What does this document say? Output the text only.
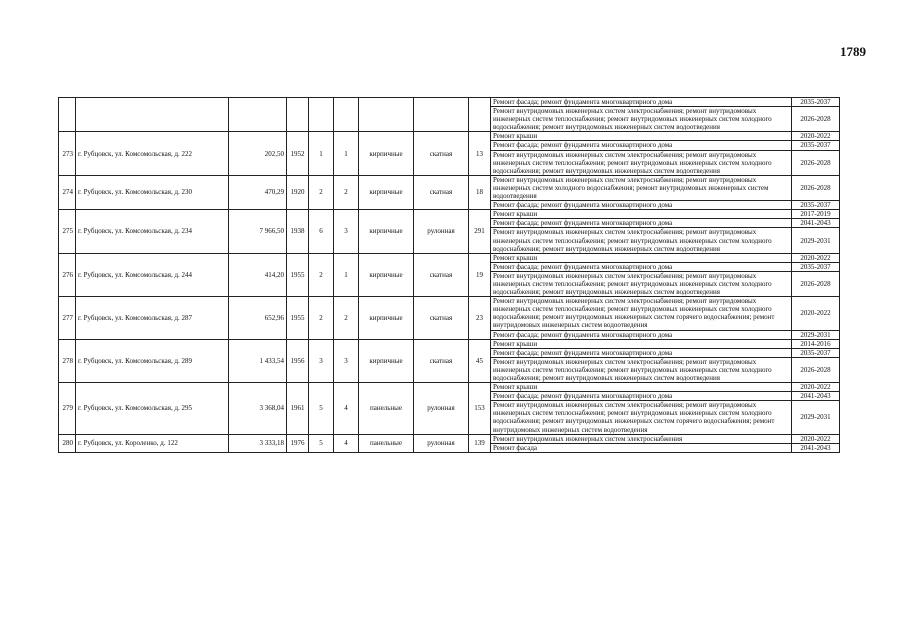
1789
									Ремонт фасада; ремонт фундамента многоквартирного дома	2035-2037
									Ремонт внутридомовых инженерных систем электроснабжения; ремонт внутридомовых инженерных систем теплоснабжения; ремонт внутридомовых инженерных систем холодного водоснабжения; ремонт внутридомовых инженерных систем водоотведения	2026-2028
273	г. Рубцовск, ул. Комсомольская, д. 222	202,50	1952	1	1	кирпичные	скатная	13	Ремонт крыши	2020-2022
									Ремонт фасада; ремонт фундамента многоквартирного дома	2035-2037
									Ремонт внутридомовых инженерных систем электроснабжения; ремонт внутридомовых инженерных систем теплоснабжения; ремонт внутридомовых инженерных систем холодного водоснабжения; ремонт внутридомовых инженерных систем водоотведения	2026-2028
274	г. Рубцовск, ул. Комсомольская, д. 230	470,29	1920	2	2	кирпичные	скатная	18	Ремонт внутридомовых инженерных систем электроснабжения; ремонт внутридомовых инженерных систем холодного водоснабжения; ремонт внутридомовых инженерных систем водоотведения	2026-2028
									Ремонт фасада; ремонт фундамента многоквартирного дома	2035-2037
275	г. Рубцовск, ул. Комсомольская, д. 234	7 966,50	1938	6	3	кирпичные	рулонная	291	Ремонт крыши	2017-2019
									Ремонт фасада; ремонт фундамента многоквартирного дома	2041-2043
									Ремонт внутридомовых инженерных систем электроснабжения; ремонт внутридомовых инженерных систем теплоснабжения; ремонт внутридомовых инженерных систем холодного водоснабжения; ремонт внутридомовых инженерных систем водоотведения	2029-2031
276	г. Рубцовск, ул. Комсомольская, д. 244	414,20	1955	2	1	кирпичные	скатная	19	Ремонт крыши	2020-2022
									Ремонт фасада; ремонт фундамента многоквартирного дома	2035-2037
									Ремонт внутридомовых инженерных систем электроснабжения; ремонт внутридомовых инженерных систем теплоснабжения; ремонт внутридомовых инженерных систем холодного водоснабжения; ремонт внутридомовых инженерных систем водоотведения	2026-2028
277	г. Рубцовск, ул. Комсомольская, д. 287	652,96	1955	2	2	кирпичные	скатная	23	Ремонт внутридомовых инженерных систем электроснабжения; ремонт внутридомовых инженерных систем теплоснабжения; ремонт внутридомовых инженерных систем холодного водоснабжения; ремонт внутридомовых инженерных систем горячего водоснабжения; ремонт внутридомовых инженерных систем водоотведения	2020-2022
									Ремонт фасада; ремонт фундамента многоквартирного дома	2029-2031
278	г. Рубцовск, ул. Комсомольская, д. 289	1 433,54	1956	3	3	кирпичные	скатная	45	Ремонт крыши	2014-2016
									Ремонт фасада; ремонт фундамента многоквартирного дома	2035-2037
									Ремонт внутридомовых инженерных систем электроснабжения; ремонт внутридомовых инженерных систем теплоснабжения; ремонт внутридомовых инженерных систем холодного водоснабжения; ремонт внутридомовых инженерных систем водоотведения	2026-2028
279	г. Рубцовск, ул. Комсомольская, д. 295	3 368,04	1961	5	4	панельные	рулонная	153	Ремонт крыши	2020-2022
									Ремонт фасада; ремонт фундамента многоквартирного дома	2041-2043
									Ремонт внутридомовых инженерных систем электроснабжения; ремонт внутридомовых инженерных систем теплоснабжения; ремонт внутридомовых инженерных систем холодного водоснабжения; ремонт внутридомовых инженерных систем горячего водоснабжения; ремонт внутридомовых инженерных систем водоотведения	2029-2031
280	г. Рубцовск, ул. Короленко, д. 122	3 333,18	1976	5	4	панельные	рулонная	139	Ремонт внутридомовых инженерных систем электроснабжения	2020-2022
									Ремонт фасада	2041-2043
